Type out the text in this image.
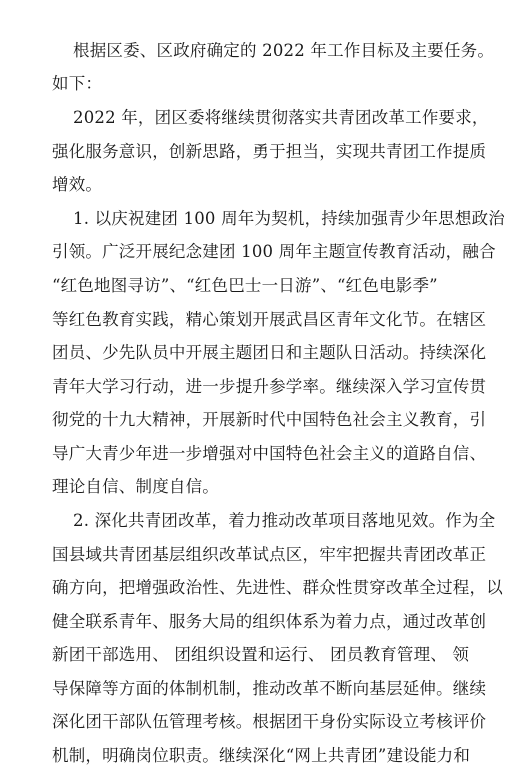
根据区委、区政府确定的 2022 年工作目标及主要任务。
如下：
2022 年，团区委将继续贯彻落实共青团改革工作要求，
强化服务意识，创新思路，勇于担当，实现共青团工作提质
增效。
1. 以庆祝建团 100 周年为契机，持续加强青少年思想政治
引领。广泛开展纪念建团 100 周年主题宣传教育活动，融合
“红色地图寻访”、“红色巴士一日游”、“红色电影季”
等红色教育实践，精心策划开展武昌区青年文化节。在辖区
团员、少先队员中开展主题团日和主题队日活动。持续深化
青年大学习行动，进一步提升参学率。继续深入学习宣传贯
彻党的十九大精神，开展新时代中国特色社会主义教育，引
导广大青少年进一步增强对中国特色社会主义的道路自信、
理论自信、制度自信。
2. 深化共青团改革，着力推动改革项目落地见效。作为全
国县域共青团基层组织改革试点区，牢牢把握共青团改革正
确方向，把增强政治性、先进性、群众性贯穿改革全过程，以
健全联系青年、服务大局的组织体系为着力点，通过改革创
新团干部选用、 团组织设置和运行、 团员教育管理、 领
导保障等方面的体制机制，推动改革不断向基层延伸。继续
深化团干部队伍管理考核。根据团干身份实际设立考核评价
机制，明确岗位职责。继续深化“网上共青团”建设能力和
